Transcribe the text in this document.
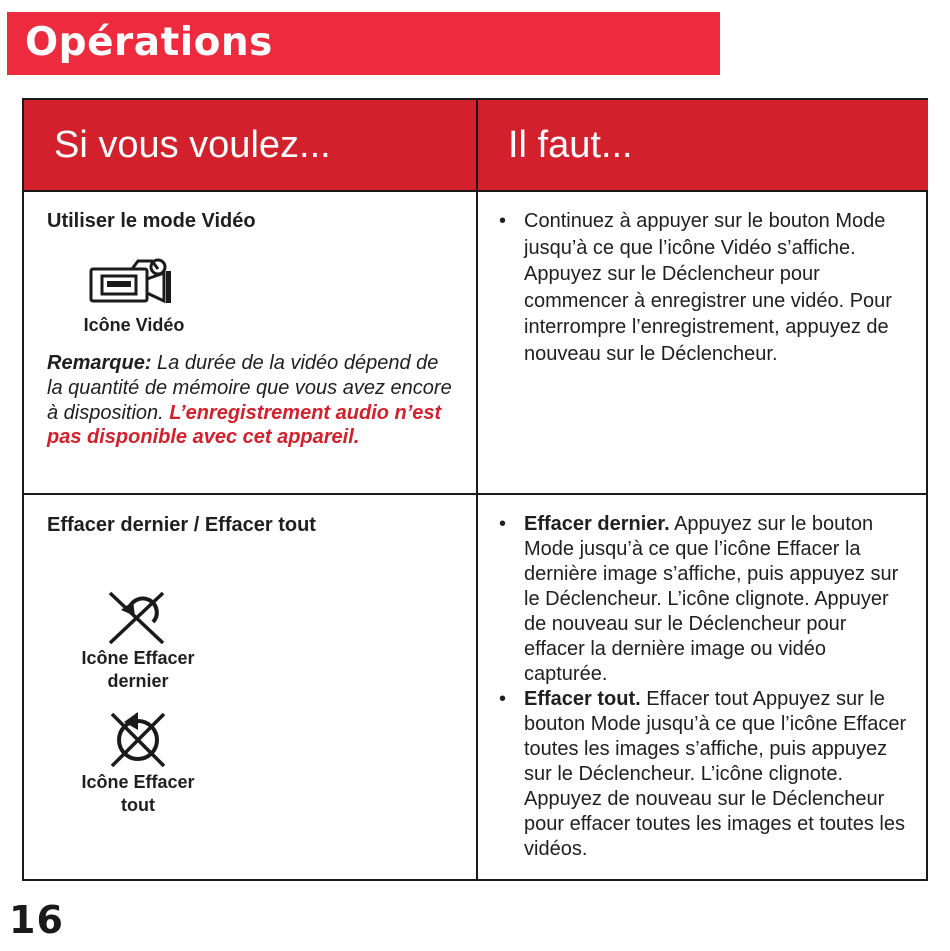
Opérations
Si vous voulez...	Il faut...
Utiliser le mode Vidéo
Icône Vidéo
Remarque: La durée de la vidéo dépend de la quantité de mémoire que vous avez encore à disposition. L’enregistrement audio n’est pas disponible avec cet appareil.
• Continuez à appuyer sur le bouton Mode jusqu’à ce que l’icône Vidéo s’affiche. Appuyez sur le Déclencheur pour commencer à enregistrer une vidéo. Pour interrompre l’enregistrement, appuyez de nouveau sur le Déclencheur.
Effacer dernier / Effacer tout
Icône Effacer dernier
Icône Effacer tout
• Effacer dernier. Appuyez sur le bouton Mode jusqu’à ce que l’icône Effacer la dernière image s’affiche, puis appuyez sur le Déclencheur. L’icône clignote. Appuyer de nouveau sur le Déclencheur pour effacer la dernière image ou vidéo capturée.
• Effacer tout. Effacer tout Appuyez sur le bouton Mode jusqu’à ce que l’icône Effacer toutes les images s’affiche, puis appuyez sur le Déclencheur. L’icône clignote. Appuyez de nouveau sur le Déclencheur pour effacer toutes les images et toutes les vidéos.
16
